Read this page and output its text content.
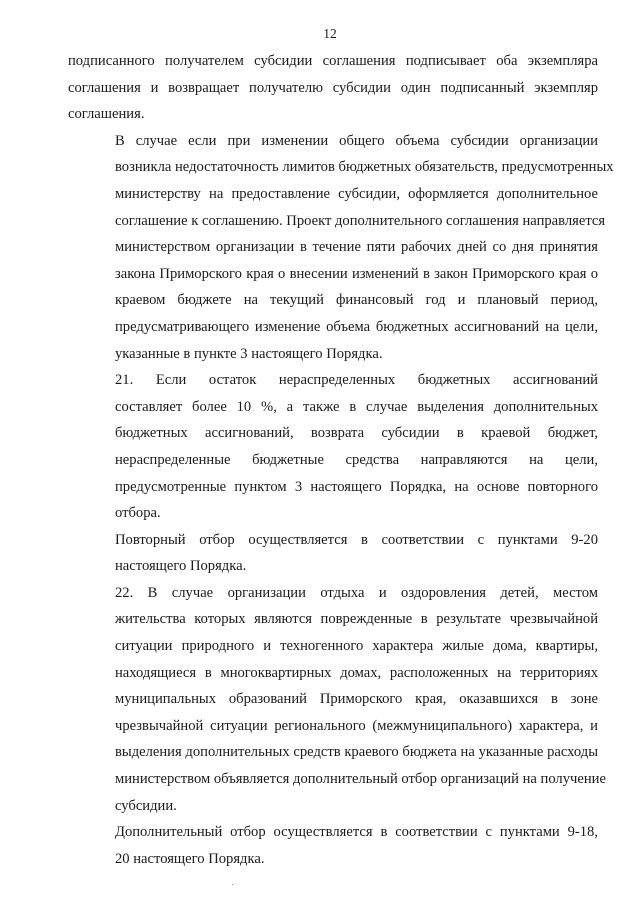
12
подписанного получателем субсидии соглашения подписывает оба экземпляра
соглашения и возвращает получателю субсидии один подписанный экземпляр
соглашения.
В случае если при изменении общего объема субсидии организации
возникла недостаточность лимитов бюджетных обязательств, предусмотренных
министерству на предоставление субсидии, оформляется дополнительное
соглашение к соглашению. Проект дополнительного соглашения направляется
министерством организации в течение пяти рабочих дней со дня принятия
закона Приморского края о внесении изменений в закон Приморского края о
краевом бюджете на текущий финансовый год и плановый период,
предусматривающего изменение объема бюджетных ассигнований на цели,
указанные в пункте 3 настоящего Порядка.
21. Если остаток нераспределенных бюджетных ассигнований
составляет более 10 %, а также в случае выделения дополнительных
бюджетных ассигнований, возврата субсидии в краевой бюджет,
нераспределенные бюджетные средства направляются на цели,
предусмотренные пунктом 3 настоящего Порядка, на основе повторного
отбора.
Повторный отбор осуществляется в соответствии с пунктами 9-20
настоящего Порядка.
22. В случае организации отдыха и оздоровления детей, местом
жительства которых являются поврежденные в результате чрезвычайной
ситуации природного и техногенного характера жилые дома, квартиры,
находящиеся в многоквартирных домах, расположенных на территориях
муниципальных образований Приморского края, оказавшихся в зоне
чрезвычайной ситуации регионального (межмуниципального) характера, и
выделения дополнительных средств краевого бюджета на указанные расходы
министерством объявляется дополнительный отбор организаций на получение
субсидии.
Дополнительный отбор осуществляется в соответствии с пунктами 9-18,
20 настоящего Порядка.
